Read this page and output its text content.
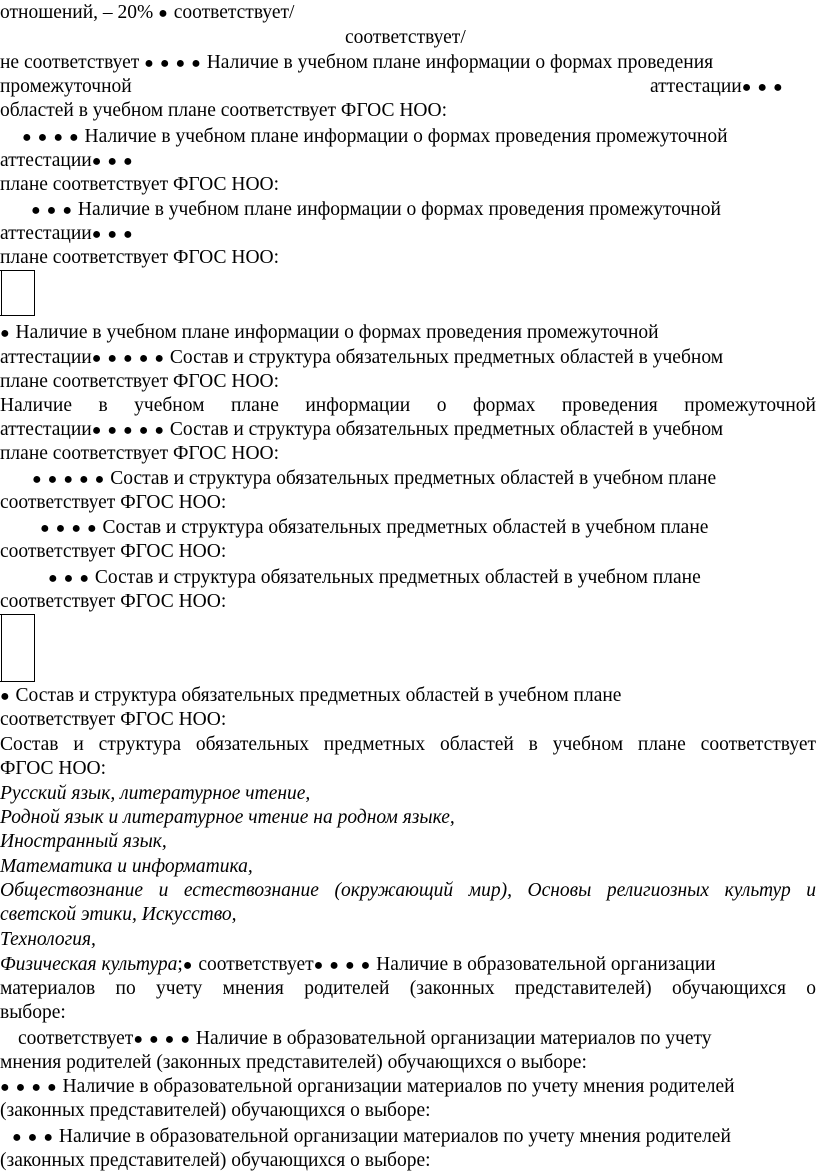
отношений, – 20% ● соответствует/
соответствует/
не соответствует ● ● ● ● Наличие в учебном плане информации о формах проведения
промежуточной	аттестации● ● ●
областей в учебном плане соответствует ФГОС НОО:
● ● ● ● Наличие в учебном плане информации о формах проведения промежуточной
аттестации● ● ●
плане соответствует ФГОС НОО:
● ● ● Наличие в учебном плане информации о формах проведения промежуточной
аттестации● ● ●
плане соответствует ФГОС НОО:
● Наличие в учебном плане информации о формах проведения промежуточной
аттестации● ● ● ● ● Состав и структура обязательных предметных областей в учебном
плане соответствует ФГОС НОО:
Наличие в учебном плане информации о формах проведения промежуточной
аттестации● ● ● ● ● Состав и структура обязательных предметных областей в учебном
плане соответствует ФГОС НОО:
● ● ● ● ● Состав и структура обязательных предметных областей в учебном плане
соответствует ФГОС НОО:
● ● ● ● Состав и структура обязательных предметных областей в учебном плане
соответствует ФГОС НОО:
● ● ● Состав и структура обязательных предметных областей в учебном плане
соответствует ФГОС НОО:
● Состав и структура обязательных предметных областей в учебном плане
соответствует ФГОС НОО:
Состав и структура обязательных предметных областей в учебном плане соответствует
ФГОС НОО:
Русский язык, литературное чтение,
Родной язык и литературное чтение на родном языке,
Иностранный язык,
Математика и информатика,
Обществознание и естествознание (окружающий мир), Основы религиозных культур и
светской этики, Искусство,
Технология,
Физическая культура;● соответствует● ● ● ● Наличие в образовательной организации
материалов по учету мнения родителей (законных представителей) обучающихся о
выборе:
соответствует● ● ● ● Наличие в образовательной организации материалов по учету
мнения родителей (законных представителей) обучающихся о выборе:
● ● ● ● Наличие в образовательной организации материалов по учету мнения родителей
(законных представителей) обучающихся о выборе:
● ● ● Наличие в образовательной организации материалов по учету мнения родителей
(законных представителей) обучающихся о выборе:
